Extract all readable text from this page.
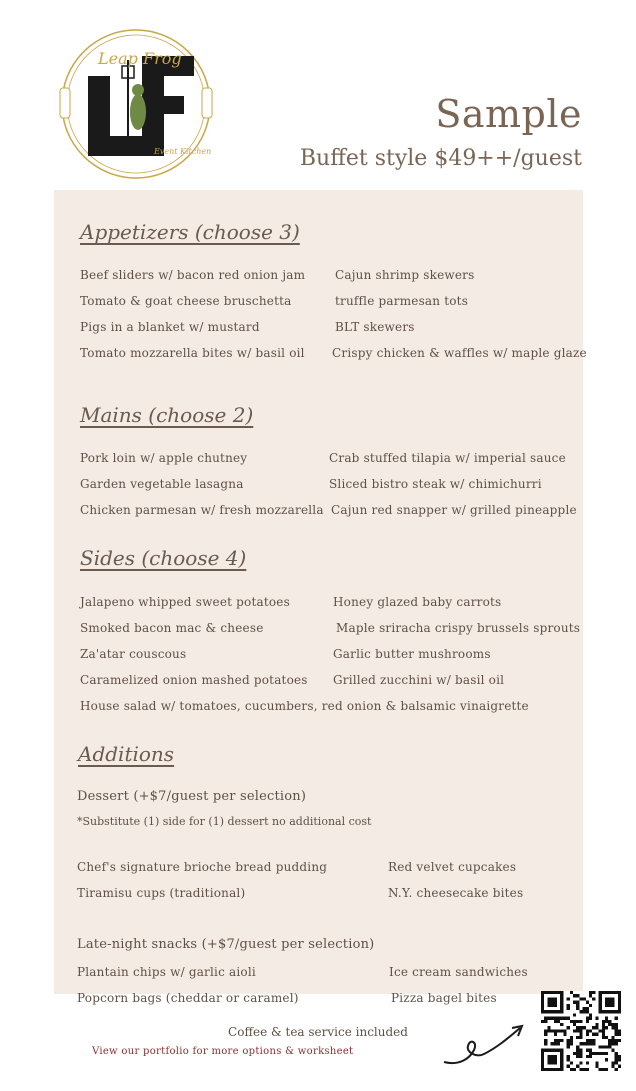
Leap Frog
Event Kitchen
Sample
Buffet style $49++/guest
Appetizers (choose 3)
Beef sliders w/ bacon red onion jam
Tomato & goat cheese bruschetta
Pigs in a blanket w/ mustard
Tomato mozzarella bites w/ basil oil
Cajun shrimp skewers
truffle parmesan tots
BLT skewers
Crispy chicken & waffles w/ maple glaze
Mains (choose 2)
Pork loin w/ apple chutney
Garden vegetable lasagna
Chicken parmesan w/ fresh mozzarella
Crab stuffed tilapia w/ imperial sauce
Sliced bistro steak w/ chimichurri
Cajun red snapper w/ grilled pineapple
Sides (choose 4)
Jalapeno whipped sweet potatoes
Smoked bacon mac & cheese
Za'atar couscous
Caramelized onion mashed potatoes
Honey glazed baby carrots
Maple sriracha crispy brussels sprouts
Garlic butter mushrooms
Grilled zucchini w/ basil oil
House salad w/ tomatoes, cucumbers, red onion & balsamic vinaigrette
Additions
Dessert (+$7/guest per selection)
*Substitute (1) side for (1) dessert no additional cost
Chef's signature brioche bread pudding
Tiramisu cups (traditional)
Red velvet cupcakes
N.Y. cheesecake bites
Late-night snacks (+$7/guest per selection)
Plantain chips w/ garlic aioli
Popcorn bags (cheddar or caramel)
Ice cream sandwiches
Pizza bagel bites
Coffee & tea service included
View our portfolio for more options & worksheet
